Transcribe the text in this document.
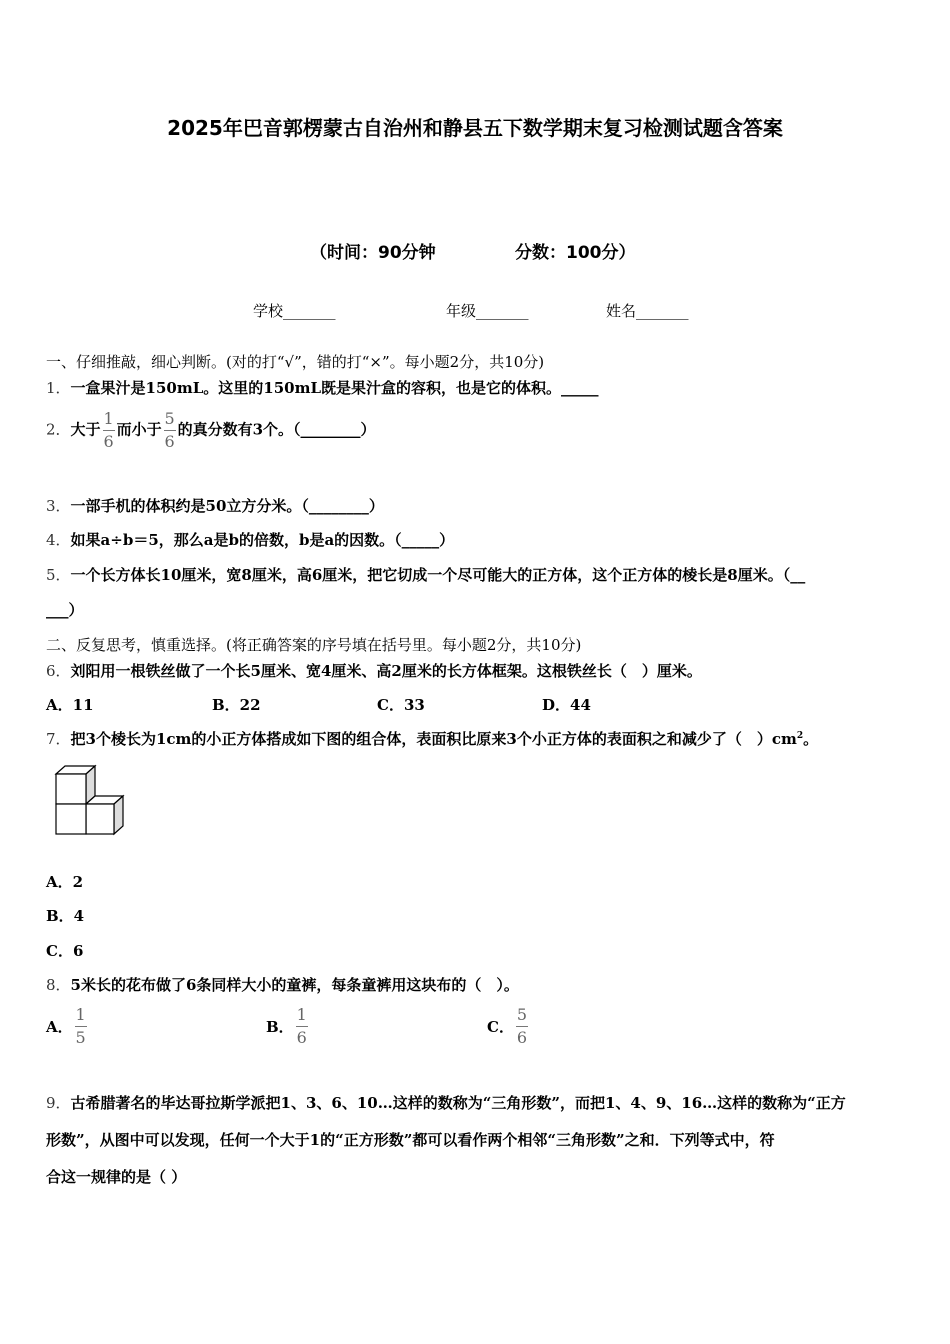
2025年巴音郭楞蒙古自治州和静县五下数学期末复习检测试题含答案
（时间：90分钟	分数：100分）
学校_______	年级_______	姓名_______
一、仔细推敲，细心判断。(对的打“√”，错的打“×”。每小题2分，共10分)
1．一盒果汁是150mL。这里的150mL既是果汁盒的容积，也是它的体积。_____
2．大于 $\frac{1}{6}$ 而小于 $\frac{5}{6}$ 的真分数有3个。（________）
3．一部手机的体积约是50立方分米。（________）
4．如果a÷b＝5，那么a是b的倍数，b是a的因数。（_____）
5．一个长方体长10厘米，宽8厘米，高6厘米，把它切成一个尽可能大的正方体，这个正方体的棱长是8厘米。（__
___）
二、反复思考，慎重选择。(将正确答案的序号填在括号里。每小题2分，共10分)
6．刘阳用一根铁丝做了一个长5厘米、宽4厘米、高2厘米的长方体框架。这根铁丝长（　）厘米。
A．11	B．22	C．33	D．44
7．把3个棱长为1cm的小正方体搭成如下图的组合体，表面积比原来3个小正方体的表面积之和减少了（　）$cm^2$。
A．2
B．4
C．6
8．5米长的花布做了6条同样大小的童裤，每条童裤用这块布的（　）。
A． $\frac{1}{5}$	B． $\frac{1}{6}$	C． $\frac{5}{6}$
9．古希腊著名的毕达哥拉斯学派把1、3、6、10…这样的数称为“三角形数”，而把1、4、9、16…这样的数称为“正方
形数”，从图中可以发现，任何一个大于1的“正方形数”都可以看作两个相邻“三角形数”之和．下列等式中，符
合这一规律的是（ ）
